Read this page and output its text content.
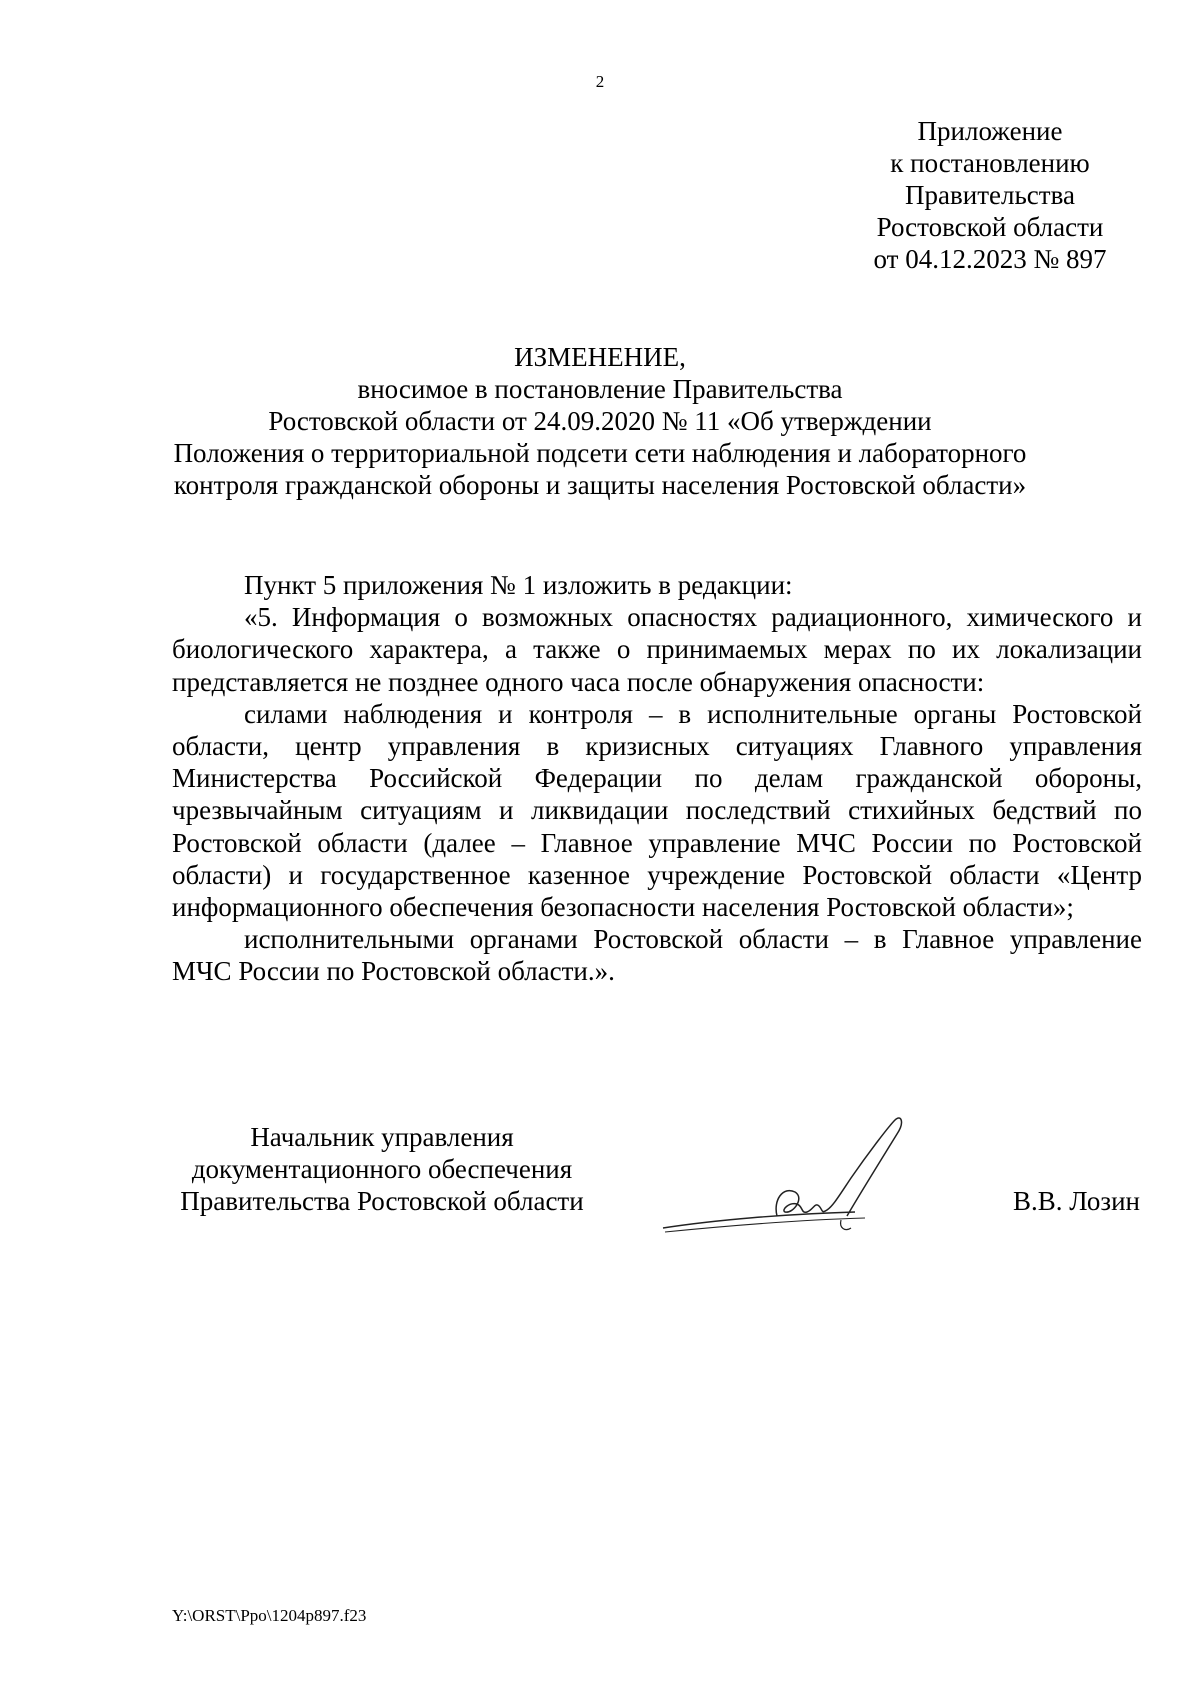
2
Приложение
к постановлению
Правительства
Ростовской области
от 04.12.2023 № 897
ИЗМЕНЕНИЕ,
вносимое в постановление Правительства
Ростовской области от 24.09.2020 № 11 «Об утверждении
Положения о территориальной подсети сети наблюдения и лабораторного
контроля гражданской обороны и защиты населения Ростовской области»

Пункт 5 приложения № 1 изложить в редакции:

«5. Информация о возможных опасностях радиационного, химического и биологического характера, а также о принимаемых мерах по их локализации представляется не позднее одного часа после обнаружения опасности:

силами наблюдения и контроля – в исполнительные органы Ростовской области, центр управления в кризисных ситуациях Главного управления Министерства Российской Федерации по делам гражданской обороны, чрезвычайным ситуациям и ликвидации последствий стихийных бедствий по Ростовской области (далее – Главное управление МЧС России по Ростовской области) и государственное казенное учреждение Ростовской области «Центр информационного обеспечения безопасности населения Ростовской области»;

исполнительными органами Ростовской области – в Главное управление МЧС России по Ростовской области.».

Начальник управления
документационного обеспечения
Правительства Ростовской области	В.В. Лозин
Y:\ORST\Ppo\1204p897.f23
